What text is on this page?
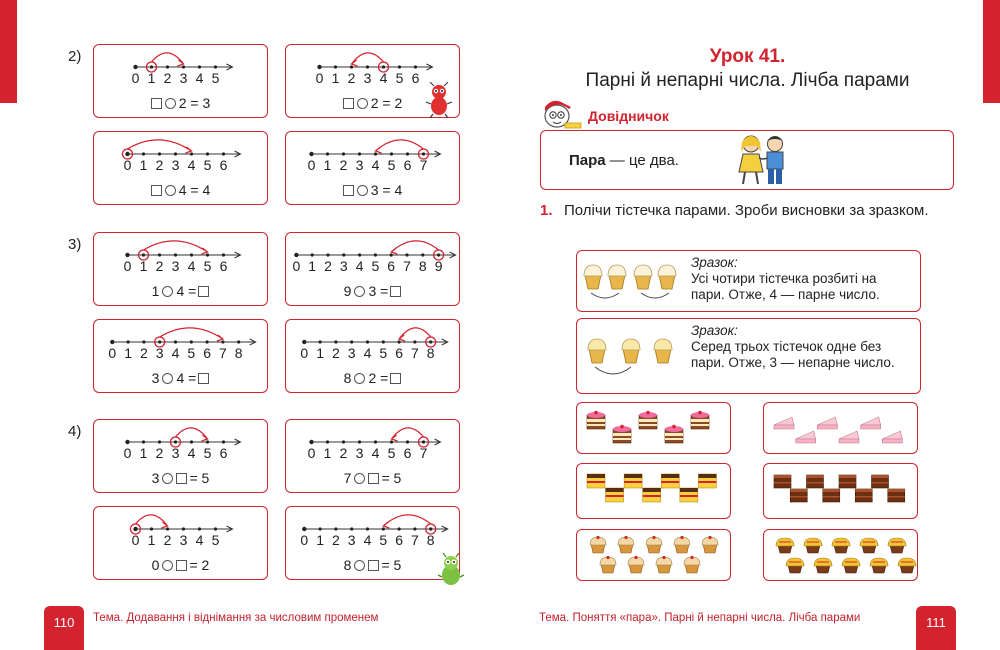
2)
0 1 2 3 4 5
2 = 3
0 1 2 3 4 5 6
2 = 2
0 1 2 3 4 5 6
4 = 4
0 1 2 3 4 5 6 7
3 = 4
3)
0 1 2 3 4 5 6
1 4 =
0 1 2 3 4 5 6 7 8 9
9 3 =
0 1 2 3 4 5 6 7 8
3 4 =
0 1 2 3 4 5 6 7 8
8 2 =
4)
0 1 2 3 4 5 6
3 = 5
0 1 2 3 4 5 6 7
7 = 5
0 1 2 3 4 5
0 = 2
0 1 2 3 4 5 6 7 8
8 = 5
110	Тема. Додавання і віднімання за числовим променем
Урок 41.
Парні й непарні числа. Лічба парами
Довідничок
Пара — це два.
1. Полічи тістечка парами. Зроби висновки за зразком.
Зразок:
Усі чотири тістечка розбиті на пари. Отже, 4 — парне число.
Зразок:
Серед трьох тістечок одне без пари. Отже, 3 — непарне число.
Тема. Поняття «пара». Парні й непарні числа. Лічба парами	111
